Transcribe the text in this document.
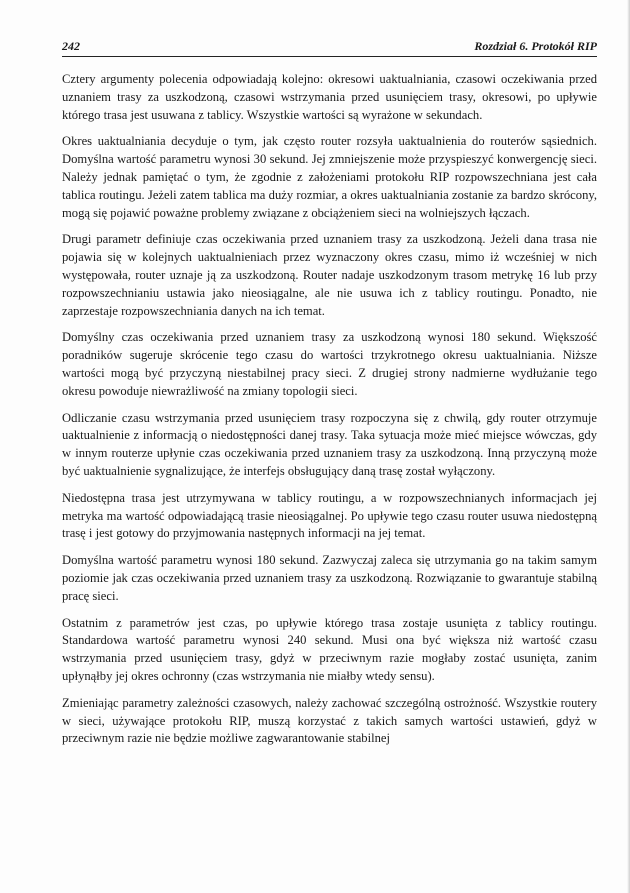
242	Rozdział 6. Protokół RIP

Cztery argumenty polecenia odpowiadają kolejno: okresowi uaktualniania, czasowi oczekiwania przed uznaniem trasy za uszkodzoną, czasowi wstrzymania przed usunięciem trasy, okresowi, po upływie którego trasa jest usuwana z tablicy. Wszystkie wartości są wyrażone w sekundach.

Okres uaktualniania decyduje o tym, jak często router rozsyła uaktualnienia do routerów sąsiednich. Domyślna wartość parametru wynosi 30 sekund. Jej zmniejszenie może przyspieszyć konwergencję sieci. Należy jednak pamiętać o tym, że zgodnie z założeniami protokołu RIP rozpowszechniana jest cała tablica routingu. Jeżeli zatem tablica ma duży rozmiar, a okres uaktualniania zostanie za bardzo skrócony, mogą się pojawić poważne problemy związane z obciążeniem sieci na wolniejszych łączach.

Drugi parametr definiuje czas oczekiwania przed uznaniem trasy za uszkodzoną. Jeżeli dana trasa nie pojawia się w kolejnych uaktualnieniach przez wyznaczony okres czasu, mimo iż wcześniej w nich występowała, router uznaje ją za uszkodzoną. Router nadaje uszkodzonym trasom metrykę 16 lub przy rozpowszechnianiu ustawia jako nieosiągalne, ale nie usuwa ich z tablicy routingu. Ponadto, nie zaprzestaje rozpowszechniania danych na ich temat.

Domyślny czas oczekiwania przed uznaniem trasy za uszkodzoną wynosi 180 sekund. Większość poradników sugeruje skrócenie tego czasu do wartości trzykrotnego okresu uaktualniania. Niższe wartości mogą być przyczyną niestabilnej pracy sieci. Z drugiej strony nadmierne wydłużanie tego okresu powoduje niewrażliwość na zmiany topologii sieci.

Odliczanie czasu wstrzymania przed usunięciem trasy rozpoczyna się z chwilą, gdy router otrzymuje uaktualnienie z informacją o niedostępności danej trasy. Taka sytuacja może mieć miejsce wówczas, gdy w innym routerze upłynie czas oczekiwania przed uznaniem trasy za uszkodzoną. Inną przyczyną może być uaktualnienie sygnalizujące, że interfejs obsługujący daną trasę został wyłączony.

Niedostępna trasa jest utrzymywana w tablicy routingu, a w rozpowszechnianych informacjach jej metryka ma wartość odpowiadającą trasie nieosiągalnej. Po upływie tego czasu router usuwa niedostępną trasę i jest gotowy do przyjmowania następnych informacji na jej temat.

Domyślna wartość parametru wynosi 180 sekund. Zazwyczaj zaleca się utrzymania go na takim samym poziomie jak czas oczekiwania przed uznaniem trasy za uszkodzoną. Rozwiązanie to gwarantuje stabilną pracę sieci.

Ostatnim z parametrów jest czas, po upływie którego trasa zostaje usunięta z tablicy routingu. Standardowa wartość parametru wynosi 240 sekund. Musi ona być większa niż wartość czasu wstrzymania przed usunięciem trasy, gdyż w przeciwnym razie mogłaby zostać usunięta, zanim upłynąłby jej okres ochronny (czas wstrzymania nie miałby wtedy sensu).

Zmieniając parametry zależności czasowych, należy zachować szczególną ostrożność. Wszystkie routery w sieci, używające protokołu RIP, muszą korzystać z takich samych wartości ustawień, gdyż w przeciwnym razie nie będzie możliwe zagwarantowanie stabilnej
